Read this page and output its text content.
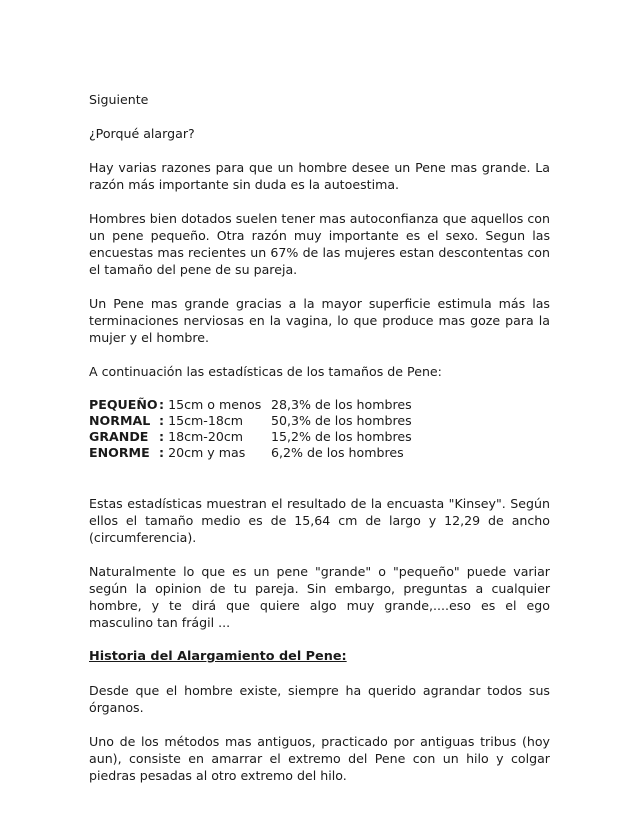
Siguiente

¿Porqué alargar?

Hay varias razones para que un hombre desee un Pene mas grande. La razón más importante sin duda es la autoestima.

Hombres bien dotados suelen tener mas autoconfianza que aquellos con un pene pequeño. Otra razón muy importante es el sexo. Segun las encuestas mas recientes un 67% de las mujeres estan descontentas con el tamaño del pene de su pareja.

Un Pene mas grande gracias a la mayor superficie estimula más las terminaciones nerviosas en la vagina, lo que produce mas goze para la mujer y el hombre.

A continuación las estadísticas de los tamaños de Pene:

PEQUEÑO	: 15cm o menos	28,3% de los hombres
NORMAL	: 15cm-18cm	50,3% de los hombres
GRANDE	: 18cm-20cm	15,2% de los hombres
ENORME	: 20cm y mas	6,2% de los hombres

Estas estadísticas muestran el resultado de la encuasta "Kinsey". Según ellos el tamaño medio es de 15,64 cm de largo y 12,29 de ancho (circumferencia).

Naturalmente lo que es un pene "grande" o "pequeño" puede variar según la opinion de tu pareja. Sin embargo, preguntas a cualquier hombre, y te dirá que quiere algo muy grande,....eso es el ego masculino tan frágil ...

Historia del Alargamiento del Pene:

Desde que el hombre existe, siempre ha querido agrandar todos sus órganos.

Uno de los métodos mas antiguos, practicado por antiguas tribus (hoy aun), consiste en amarrar el extremo del Pene con un hilo y colgar piedras pesadas al otro extremo del hilo.
